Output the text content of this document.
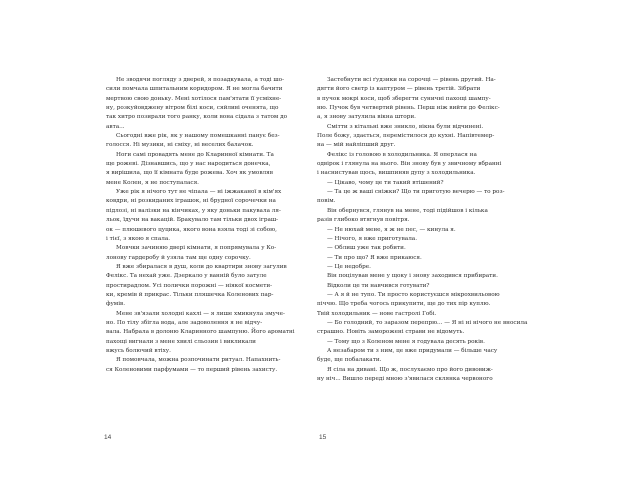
Не зводячи погляду з дверей, я позадкувала, а тоді шо-
сили помчала шпитальним коридором. Я не могла бачити
мертвою свою доньку. Мені хотілося пам'ятати її усміхне-
ну, розкуйовджену вітром білі коси, сяйливі оченята, що
так хитро позирали того ранку, коли вона сідала з татом до
авта...

Сьогодні вже рік, як у нашому помешканні панує без-
голосся. Ні музики, ні сміху, ні веселих балачок.

Ноги самі провадять мене до Кларинної кімнати. Та
ще рожеві. Дізнавшись, що у нас народиться донечка,
я вирішила, що її кімната буде рожева. Хоч як умовляв
мене Колен, я не поступалася.

Уже рік я нічого тут не чіпала — ні іжжаканої в кім'ях
ковдри, ні розкиданих іграшок, ні брудної сорочечки на
підлозі, ні валізки на кінчиках, у яку доньки пакувала ля-
льок, їдучи на вакацій. Бракувало там тільки двох іграш-
ок — плюшевого цуцика, якого вона взяла тоді зі собою,
і тієї, з якою я спала.

Мовчки зачиняю двері кімнати, я попрямувала у Ко-
лонову гардеробу й узяла там ще одну сорочку.

Я вже збиралася в душ, коли до квартири знову загулив
Фелікс. Та нехай уже. Дзеркало у ванній було затуле
простирадлом. Усі полички порожні — ніякої космети-
ки, кремів й прикрас. Тільки пляшечка Коленових пар-
фумів.

Мене зв'язали холодні кахлі — я лише хмикнула змуче-
но. По тілу збігла вода, але задоволення я не відчу-
вала. Набрала в долоню Кларинного шампуню. Його ароматні
пахощі вигнали з мене хвилі сльозин і викликали
вжусь болючий втіху.

Я помовчала, можна розпочинати ритуал. Напахнить-
ся Коленовими парфумами — то перший рівень захисту.

Застебнути всі ґудзики на сорочці — рівень другий. На-
дягти його светр із каптуром — рівень третій. Зібрати
в пучок мокрі коси, щоб зберегти суничні пахощі шампу-
ню. Пучок був четвертий рівень. Перш ніж вийти до Фелікс-
а, я знову затулила вікна штори.

Смітти з кітальні вже зникло, вікна були відчинені.
Поле божу, здається, перемістилося до кухні. Напівтемер-
на — мій найліпший друг.

Фелікс із головою в холодильника. Я оперлася на
одвірок і глянула на нього. Він знову був у звичному вбранні
і наснистував щось, вишпиняв дупу з холодильника.

— Цікаво, чому це ти такий втішений?

— Та це ж ваші сніжки? Що ти приготую вечерю — то роз-
повім.

Він обернувся, глянув на мене, тоді підійшов і кілька
разів глибоко втягнув повітря.

— Не нюхай мене, я ж не пес, — кинула я.

— Нічого, я вже приготувала.

— Облиш уже так робити.

— Ти про що? Я вже прикаюся.

— Це недобре.

Він поцілував мене у щоку і знову заходився прибирати.

Відколи це ти навчився готувати?

— А я й не тупо. Ти просто користуєшся мікрохвильовою
піччю. Що треба чогось прикупити, ще до тих пір куплю.
Твій холодильник — нове гастролі Гобі.

— Бо голодний, то заразом перепрю... — Я ні ні нічого не вносила
страшно. Новіть заморожені страви не відомуть.

— Тому що з Коленом мене я годувала десять років.

А незабаром ти з ним, це вже придумали — більше часу
буде, ще побалакати.

Я сіла на дивані. Що ж, послухаємо про його дивовиж-
ну ніч... Вишло переді мною з'явилася склянка червоного

14	15
